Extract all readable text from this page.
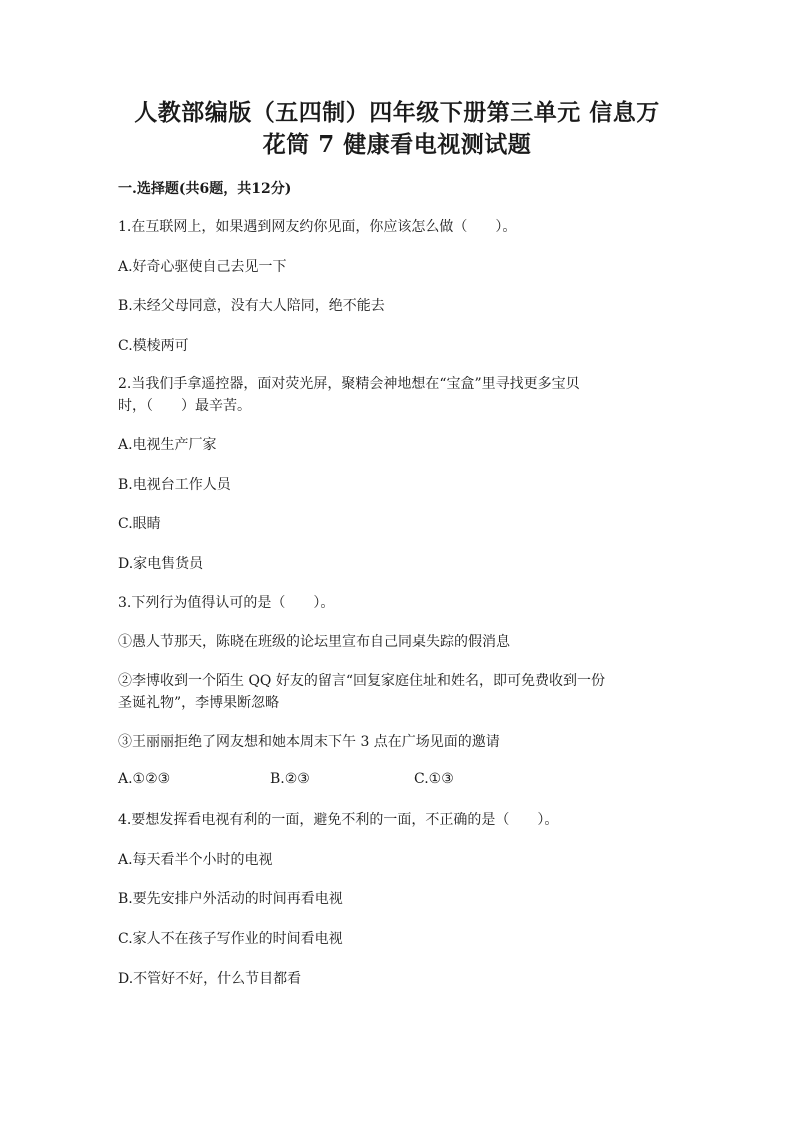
人教部编版（五四制）四年级下册第三单元 信息万
花筒 7 健康看电视测试题
一.选择题(共6题，共12分)
1.在互联网上，如果遇到网友约你见面，你应该怎么做（　　）。
A.好奇心驱使自己去见一下
B.未经父母同意，没有大人陪同，绝不能去
C.模棱两可
2.当我们手拿遥控器，面对荧光屏，聚精会神地想在“宝盒”里寻找更多宝贝
时，（　　）最辛苦。
A.电视生产厂家
B.电视台工作人员
C.眼睛
D.家电售货员
3.下列行为值得认可的是（　　）。
①愚人节那天，陈晓在班级的论坛里宣布自己同桌失踪的假消息
②李博收到一个陌生 QQ 好友的留言“回复家庭住址和姓名，即可免费收到一份
圣诞礼物”，李博果断忽略
③王丽丽拒绝了网友想和她本周末下午 3 点在广场见面的邀请
A.①②③	B.②③	C.①③
4.要想发挥看电视有利的一面，避免不利的一面，不正确的是（　　）。
A.每天看半个小时的电视
B.要先安排户外活动的时间再看电视
C.家人不在孩子写作业的时间看电视
D.不管好不好，什么节目都看
